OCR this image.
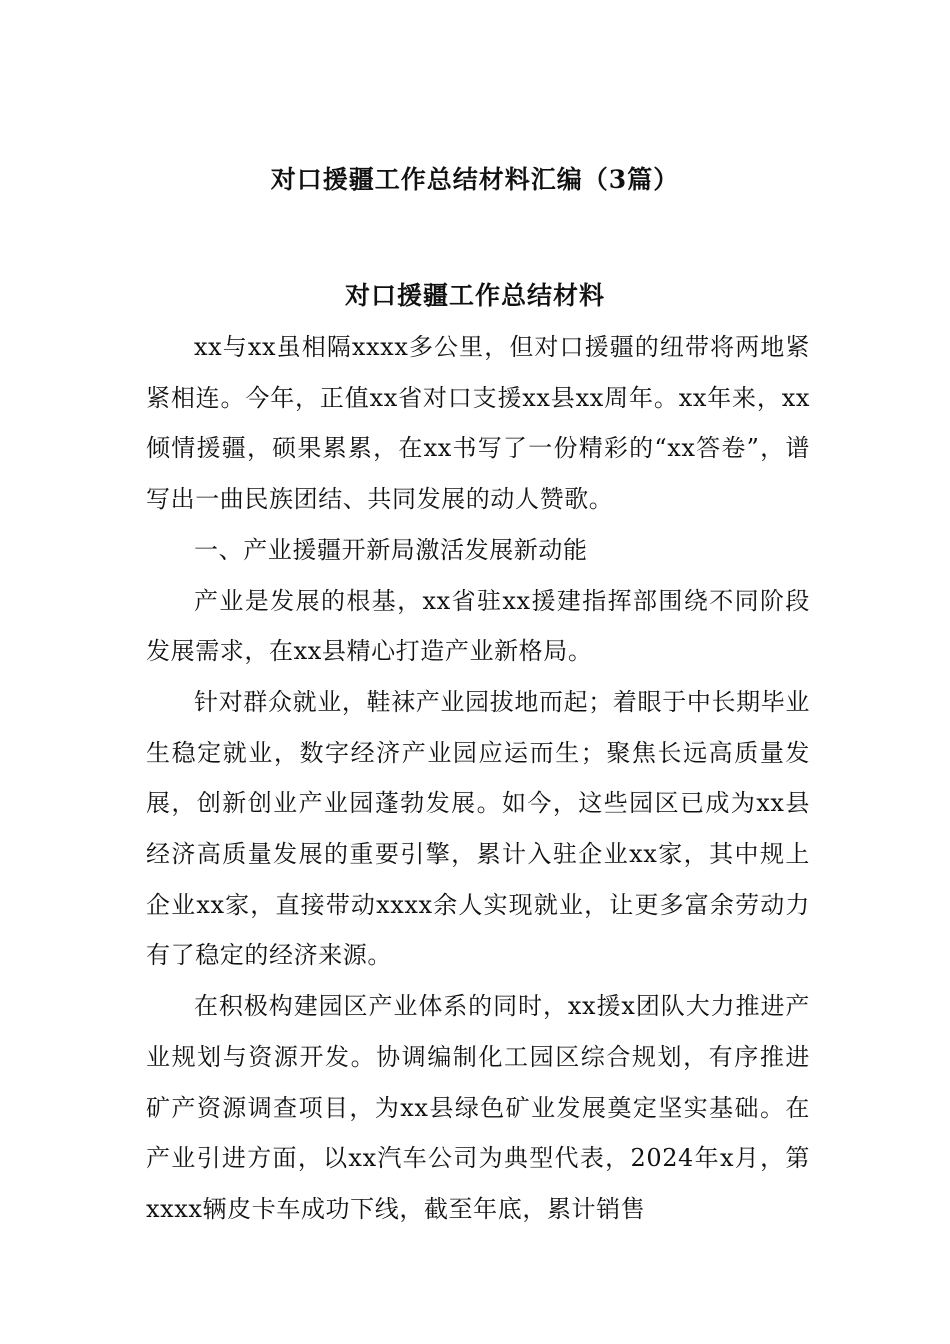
对口援疆工作总结材料汇编（3篇）
对口援疆工作总结材料

xx与xx虽相隔xxxx多公里，但对口援疆的纽带将两地紧紧相连。今年，正值xx省对口支援xx县xx周年。xx年来，xx倾情援疆，硕果累累，在xx书写了一份精彩的“xx答卷”，谱写出一曲民族团结、共同发展的动人赞歌。

一、产业援疆开新局激活发展新动能

产业是发展的根基，xx省驻xx援建指挥部围绕不同阶段发展需求，在xx县精心打造产业新格局。

针对群众就业，鞋袜产业园拔地而起；着眼于中长期毕业生稳定就业，数字经济产业园应运而生；聚焦长远高质量发展，创新创业产业园蓬勃发展。如今，这些园区已成为xx县经济高质量发展的重要引擎，累计入驻企业xx家，其中规上企业xx家，直接带动xxxx余人实现就业，让更多富余劳动力有了稳定的经济来源。

在积极构建园区产业体系的同时，xx援x团队大力推进产业规划与资源开发。协调编制化工园区综合规划，有序推进矿产资源调查项目，为xx县绿色矿业发展奠定坚实基础。在产业引进方面，以xx汽车公司为典型代表，2024年x月，第xxxx辆皮卡车成功下线，截至年底，累计销售
